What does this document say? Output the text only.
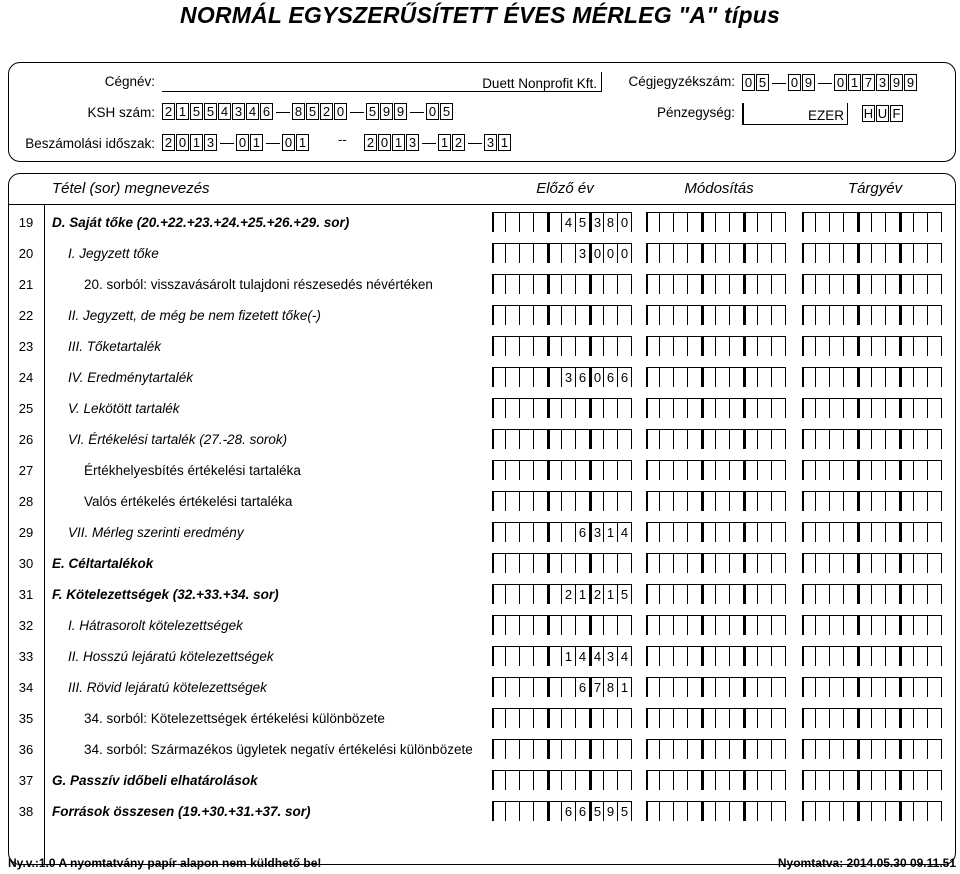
NORMÁL EGYSZERŰSÍTETT ÉVES MÉRLEG "A" típus
Cégnév:	Duett Nonprofit Kft.	Cégjegyzékszám: 0 5 0 9 0 1 7 3 9 9
KSH szám: 2 1 5 5 4 3 4 6 8 5 2 0 5 9 9 0 5	Pénzegység:	EZER	H U F
Beszámolási időszak: 2 0 1 3 0 1 0 1 -- 2 0 1 3 1 2 3 1
Tétel (sor) megnevezés	Előző év	Módosítás	Tárgyév
19	D. Saját tőke (20.+22.+23.+24.+25.+26.+29. sor)	4 5 3 8 0
20	I. Jegyzett tőke	3 0 0 0
21	20. sorból: visszavásárolt tulajdoni részesedés névértéken
22	II. Jegyzett, de még be nem fizetett tőke(-)
23	III. Tőketartalék
24	IV. Eredménytartalék	3 6 0 6 6
25	V. Lekötött tartalék
26	VI. Értékelési tartalék (27.-28. sorok)
27	Értékhelyesbítés értékelési tartaléka
28	Valós értékelés értékelési tartaléka
29	VII. Mérleg szerinti eredmény	6 3 1 4
30	E. Céltartalékok
31	F. Kötelezettségek (32.+33.+34. sor)	2 1 2 1 5
32	I. Hátrasorolt kötelezettségek
33	II. Hosszú lejáratú kötelezettségek	1 4 4 3 4
34	III. Rövid lejáratú kötelezettségek	6 7 8 1
35	34. sorból: Kötelezettségek értékelési különbözete
36	34. sorból: Származékos ügyletek negatív értékelési különbözete
37	G. Passzív időbeli elhatárolások
38	Források összesen (19.+30.+31.+37. sor)	6 6 5 9 5
Ny.v.:1.0 A nyomtatvány papír alapon nem küldhető be!	Nyomtatva: 2014.05.30 09.11.51
